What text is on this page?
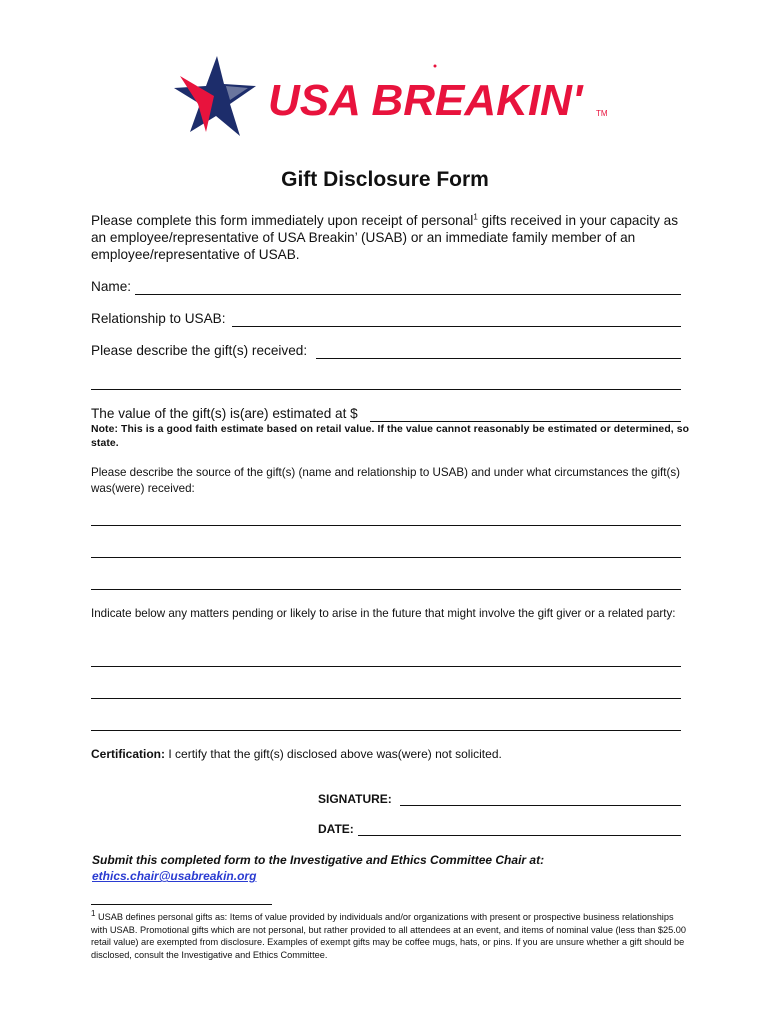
USA BREAKIN' TM
Gift Disclosure Form
Please complete this form immediately upon receipt of personal$^1$ gifts received in your capacity as an employee/representative of USA Breakin’ (USAB) or an immediate family member of an employee/representative of USAB.
Name:
Relationship to USAB:
Please describe the gift(s) received:
The value of the gift(s) is(are) estimated at $
Note: This is a good faith estimate based on retail value. If the value cannot reasonably be estimated or determined, so state.
Please describe the source of the gift(s) (name and relationship to USAB) and under what circumstances the gift(s) was(were) received:
Indicate below any matters pending or likely to arise in the future that might involve the gift giver or a related party:
Certification: I certify that the gift(s) disclosed above was(were) not solicited.
SIGNATURE:
DATE:
Submit this completed form to the Investigative and Ethics Committee Chair at:
ethics.chair@usabreakin.org
$^1$ USAB defines personal gifts as: Items of value provided by individuals and/or organizations with present or prospective business relationships with USAB. Promotional gifts which are not personal, but rather provided to all attendees at an event, and items of nominal value (less than $25.00 retail value) are exempted from disclosure. Examples of exempt gifts may be coffee mugs, hats, or pins. If you are unsure whether a gift should be disclosed, consult the Investigative and Ethics Committee.
